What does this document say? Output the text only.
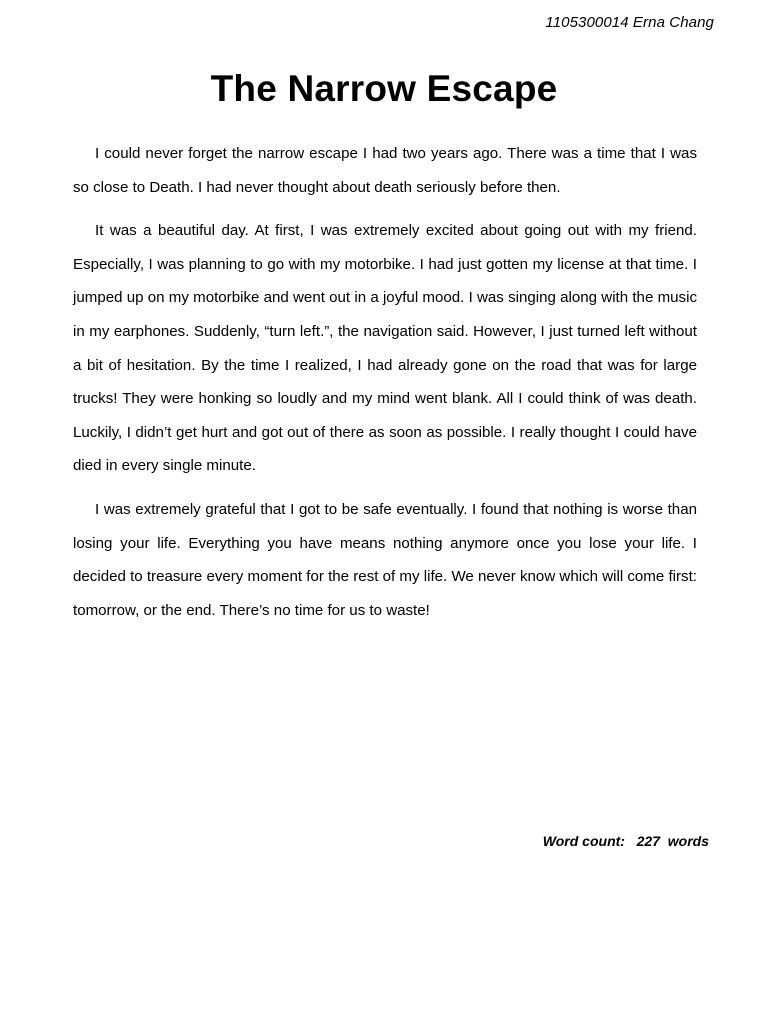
1105300014 Erna Chang
The Narrow Escape

I could never forget the narrow escape I had two years ago. There was a time that I was so close to Death. I had never thought about death seriously before then.

It was a beautiful day. At first, I was extremely excited about going out with my friend. Especially, I was planning to go with my motorbike. I had just gotten my license at that time. I jumped up on my motorbike and went out in a joyful mood. I was singing along with the music in my earphones. Suddenly, “turn left.”, the navigation said. However, I just turned left without a bit of hesitation. By the time I realized, I had already gone on the road that was for large trucks! They were honking so loudly and my mind went blank. All I could think of was death. Luckily, I didn’t get hurt and got out of there as soon as possible. I really thought I could have died in every single minute.

I was extremely grateful that I got to be safe eventually. I found that nothing is worse than losing your life. Everything you have means nothing anymore once you lose your life. I decided to treasure every moment for the rest of my life. We never know which will come first: tomorrow, or the end. There’s no time for us to waste!

Word count: 227 words
